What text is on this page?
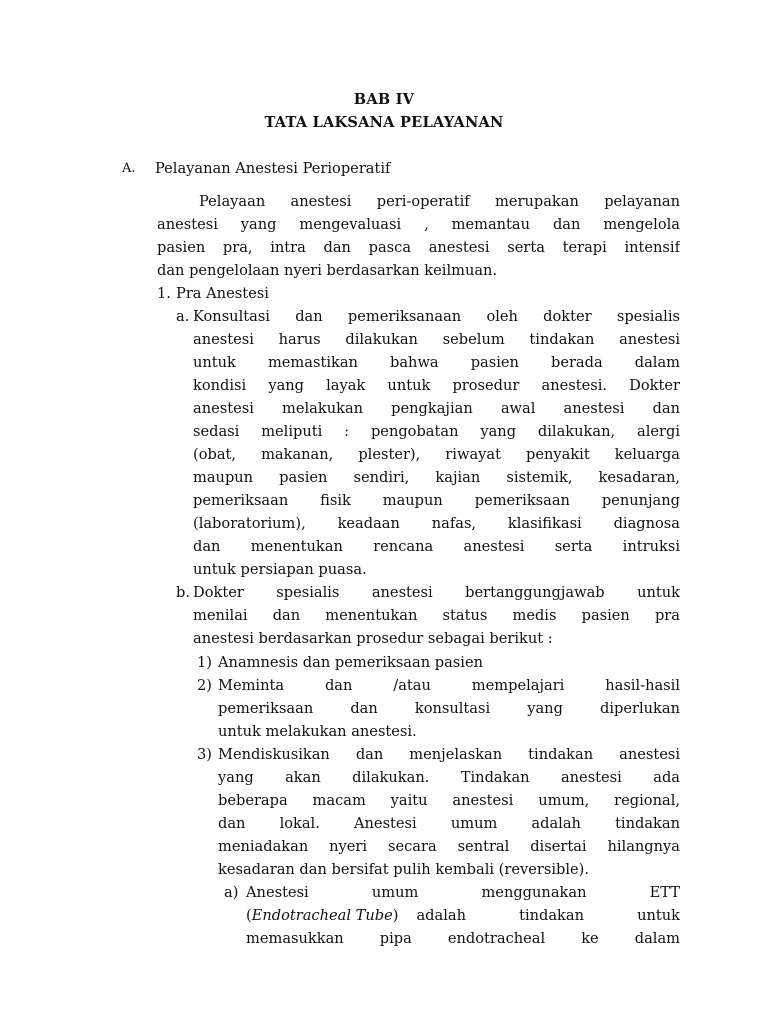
BAB IV
TATA LAKSANA PELAYANAN
A. Pelayanan Anestesi Perioperatif
Pelayaan anestesi peri-operatif merupakan pelayanan
anestesi yang mengevaluasi , memantau dan mengelola
pasien pra, intra dan pasca anestesi serta terapi intensif
dan pengelolaan nyeri berdasarkan keilmuan.
1. Pra Anestesi
a. Konsultasi dan pemeriksanaan oleh dokter spesialis
anestesi harus dilakukan sebelum tindakan anestesi
untuk memastikan bahwa pasien berada dalam
kondisi yang layak untuk prosedur anestesi. Dokter
anestesi melakukan pengkajian awal anestesi dan
sedasi meliputi : pengobatan yang dilakukan, alergi
(obat, makanan, plester), riwayat penyakit keluarga
maupun pasien sendiri, kajian sistemik, kesadaran,
pemeriksaan fisik maupun pemeriksaan penunjang
(laboratorium), keadaan nafas, klasifikasi diagnosa
dan menentukan rencana anestesi serta intruksi
untuk persiapan puasa.
b. Dokter spesialis anestesi bertanggungjawab untuk
menilai dan menentukan status medis pasien pra
anestesi berdasarkan prosedur sebagai berikut :
1) Anamnesis dan pemeriksaan pasien
2) Meminta dan /atau mempelajari hasil-hasil
pemeriksaan dan konsultasi yang diperlukan
untuk melakukan anestesi.
3) Mendiskusikan dan menjelaskan tindakan anestesi
yang akan dilakukan. Tindakan anestesi ada
beberapa macam yaitu anestesi umum, regional,
dan lokal. Anestesi umum adalah tindakan
meniadakan nyeri secara sentral disertai hilangnya
kesadaran dan bersifat pulih kembali (reversible).
a) Anestesi umum menggunakan ETT
(Endotracheal Tube) adalah	tindakan	untuk
memasukkan pipa endotracheal ke dalam
